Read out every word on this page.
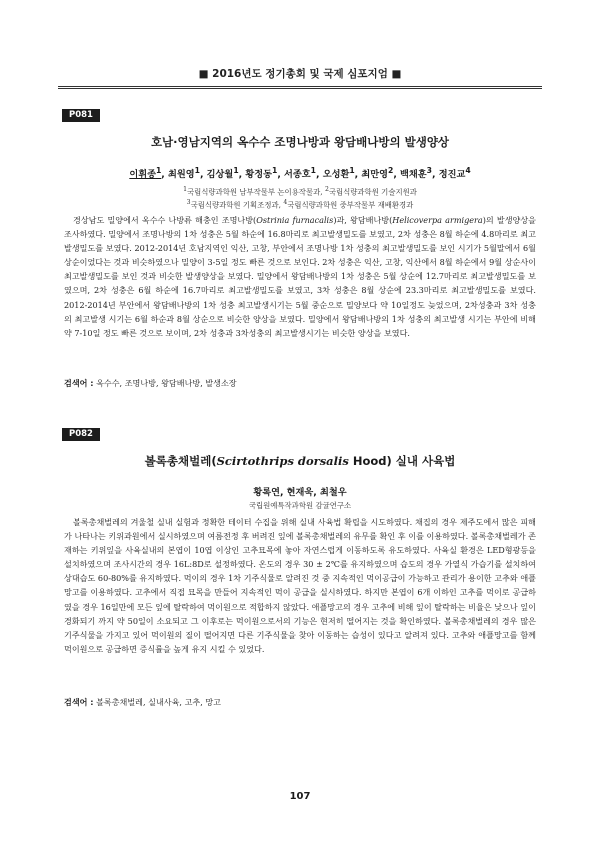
■ 2016년도 정기총회 및 국제 심포지엄 ■
P081
호남·영남지역의 옥수수 조명나방과 왕담배나방의 발생양상
이휘종$^1$, 최원영$^1$, 김상월$^1$, 황정동$^1$, 서종호$^1$, 오성환$^1$, 최만영$^2$, 백채훈$^3$, 정진교$^4$
$^1$국립식량과학원 남부작물부 논이용작물과, $^2$국립식량과학원 기술지원과
$^3$국립식량과학원 기획조정과, $^4$국립식량과학원 중부작물부 재배환경과

경상남도 밀양에서 옥수수 나방류 해충인 조명나방(Ostrinia furnacalis)과, 왕담배나방(Helicoverpa armigera)의 발생양상을 조사하였다. 밀양에서 조명나방의 1차 성충은 5월 하순에 16.8마리로 최고발생밀도를 보였고, 2차 성충은 8월 하순에 4.8마리로 최고발생밀도를 보였다. 2012-2014년 호남지역인 익산, 고창, 부안에서 조명나방 1차 성충의 최고발생밀도를 보인 시기가 5월말에서 6월 상순이었다는 것과 비슷하였으나 밀양이 3-5일 정도 빠른 것으로 보인다. 2차 성충은 익산, 고창, 익산에서 8월 하순에서 9월 상순사이 최고발생밀도를 보인 것과 비슷한 발생양상을 보였다. 밀양에서 왕담배나방의 1차 성충은 5월 상순에 12.7마리로 최고발생밀도를 보였으며, 2차 성충은 6월 하순에 16.7마리로 최고발생밀도를 보였고, 3차 성충은 8월 상순에 23.3마리로 최고발생밀도를 보였다. 2012-2014년 부안에서 왕담배나방의 1차 성충 최고발생시기는 5월 중순으로 밀양보다 약 10일정도 늦었으며, 2차성충과 3차 성충의 최고발생 시기는 6월 하순과 8월 상순으로 비슷한 양상을 보였다. 밀양에서 왕담배나방의 1차 성충의 최고발생 시기는 부안에 비해 약 7-10일 정도 빠른 것으로 보이며, 2차 성충과 3차성충의 최고발생시기는 비슷한 양상을 보였다.

검색어 : 옥수수, 조명나방, 왕담배나방, 발생소장
P082
볼록총채벌레(Scirtothrips dorsalis Hood) 실내 사육법
황록연, 현재욱, 최철우
국립원예특작과학원 감귤연구소

볼록총채벌레의 겨울철 실내 실험과 정확한 테이터 수집을 위해 실내 사육법 확립을 시도하였다. 채집의 경우 제주도에서 많은 피해가 나타나는 키위과원에서 실시하였으며 여름전정 후 버려진 잎에 볼록총채벌레의 유무를 확인 후 이를 이용하였다. 볼록총채벌레가 존재하는 키위잎을 사육실내의 본엽이 10엽 이상인 고추묘목에 놓아 자연스럽게 이동하도록 유도하였다. 사육실 환경은 LED형광등을 설치하였으며 조사시간의 경우 16L:8D로 설정하였다. 온도의 경우 30 ± 2℃를 유지하였으며 습도의 경우 가열식 가습기를 설치하여 상대습도 60-80%를 유지하였다. 먹이의 경우 1차 기주식물로 알려진 것 중 지속적인 먹이공급이 가능하고 관리가 용이한 고추와 애플망고를 이용하였다. 고추에서 직접 묘목을 만들어 지속적인 먹이 공급을 실시하였다. 하지만 본엽이 6개 이하인 고추를 먹이로 공급하였을 경우 16일만에 모든 잎에 탈락하여 먹이원으로 적합하지 않았다. 애플망고의 경우 고추에 비해 잎이 탈락하는 비율은 낮으나 잎이 경화되기 까지 약 50일이 소요되고 그 이후로는 먹이원으로서의 기능은 현저히 떨어지는 것을 확인하였다. 볼록총채벌레의 경우 많은 기주식물을 가지고 있어 먹이원의 질이 떨어지면 다른 기주식물을 찾아 이동하는 습성이 있다고 알려져 있다. 고추와 애플망고를 함께 먹이원으로 공급하면 증식률을 높게 유지 시킬 수 있었다.

검색어 : 볼록총채벌레, 실내사육, 고추, 망고
107
